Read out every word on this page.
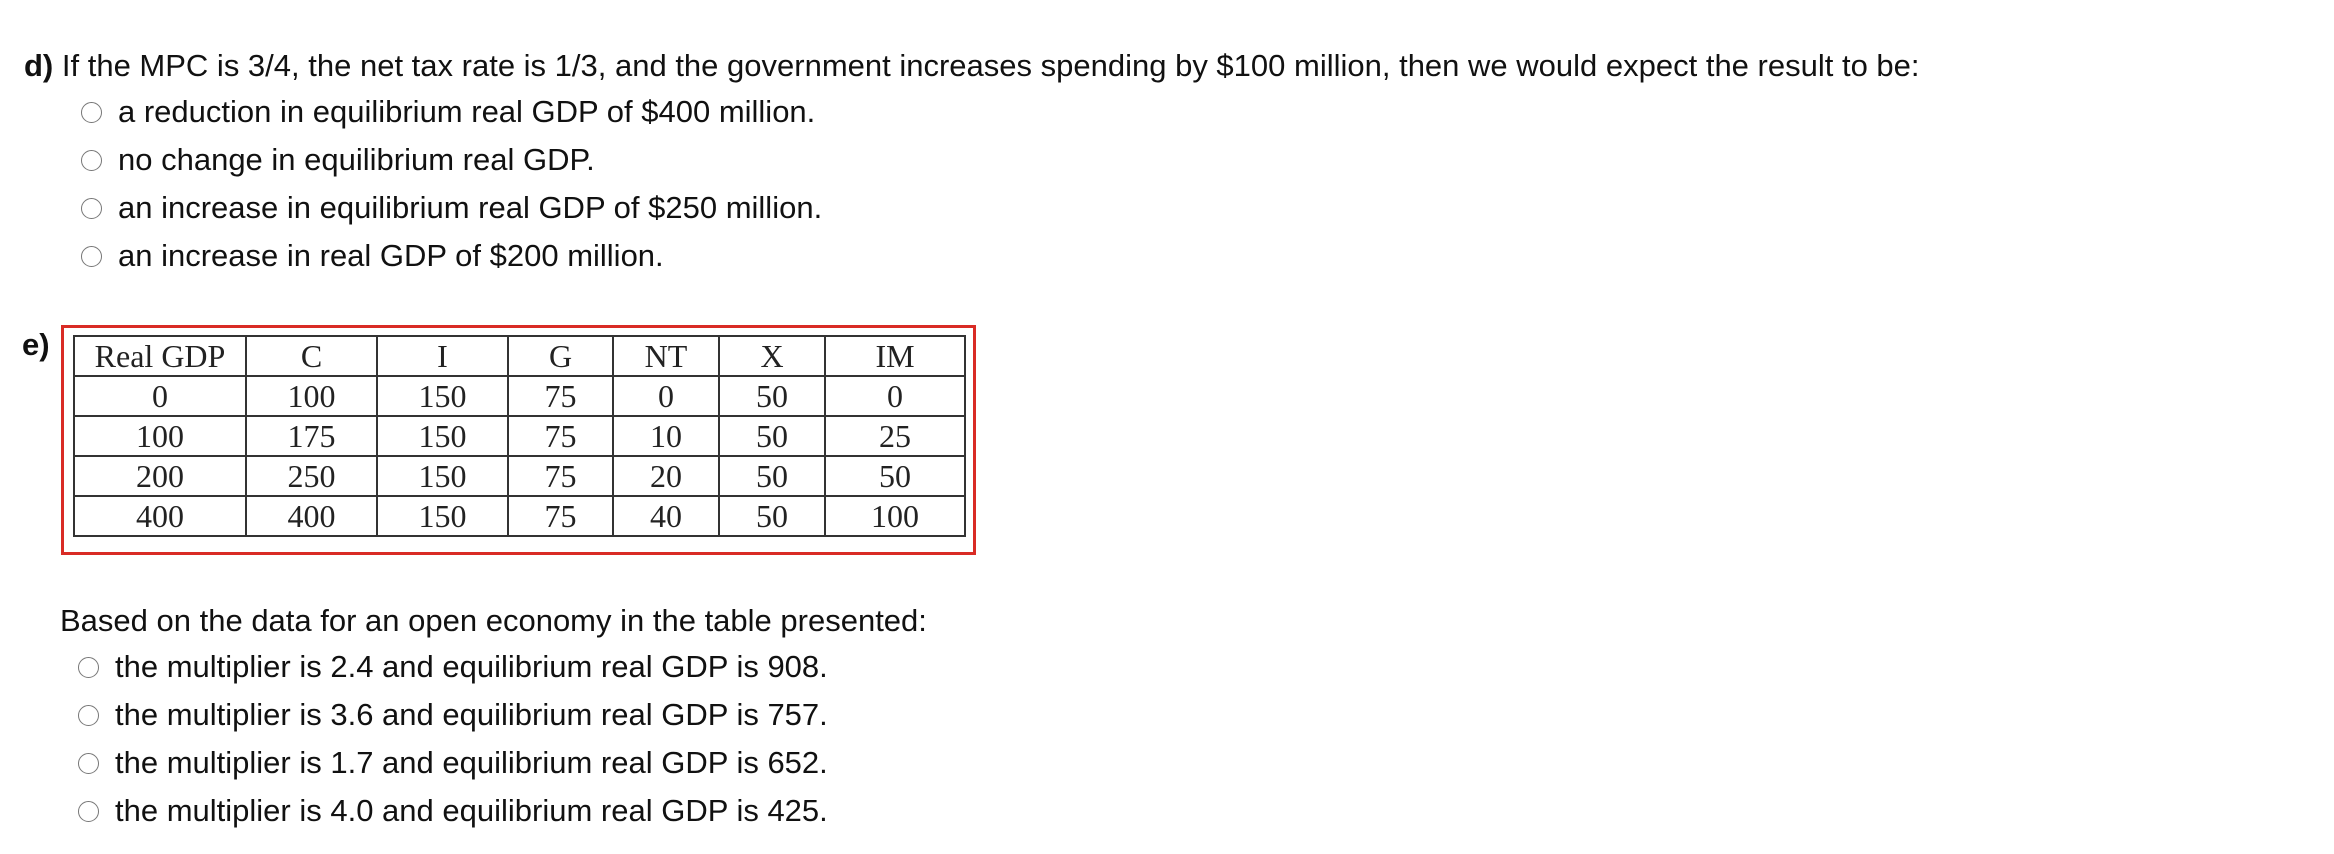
d) If the MPC is 3/4, the net tax rate is 1/3, and the government increases spending by $100 million, then we would expect the result to be:
a reduction in equilibrium real GDP of $400 million.
no change in equilibrium real GDP.
an increase in equilibrium real GDP of $250 million.
an increase in real GDP of $200 million.
e) Real GDP	C	I	G	NT	X	IM
0	100	150	75	0	50	0
100	175	150	75	10	50	25
200	250	150	75	20	50	50
400	400	150	75	40	50	100
Based on the data for an open economy in the table presented:
the multiplier is 2.4 and equilibrium real GDP is 908.
the multiplier is 3.6 and equilibrium real GDP is 757.
the multiplier is 1.7 and equilibrium real GDP is 652.
the multiplier is 4.0 and equilibrium real GDP is 425.
